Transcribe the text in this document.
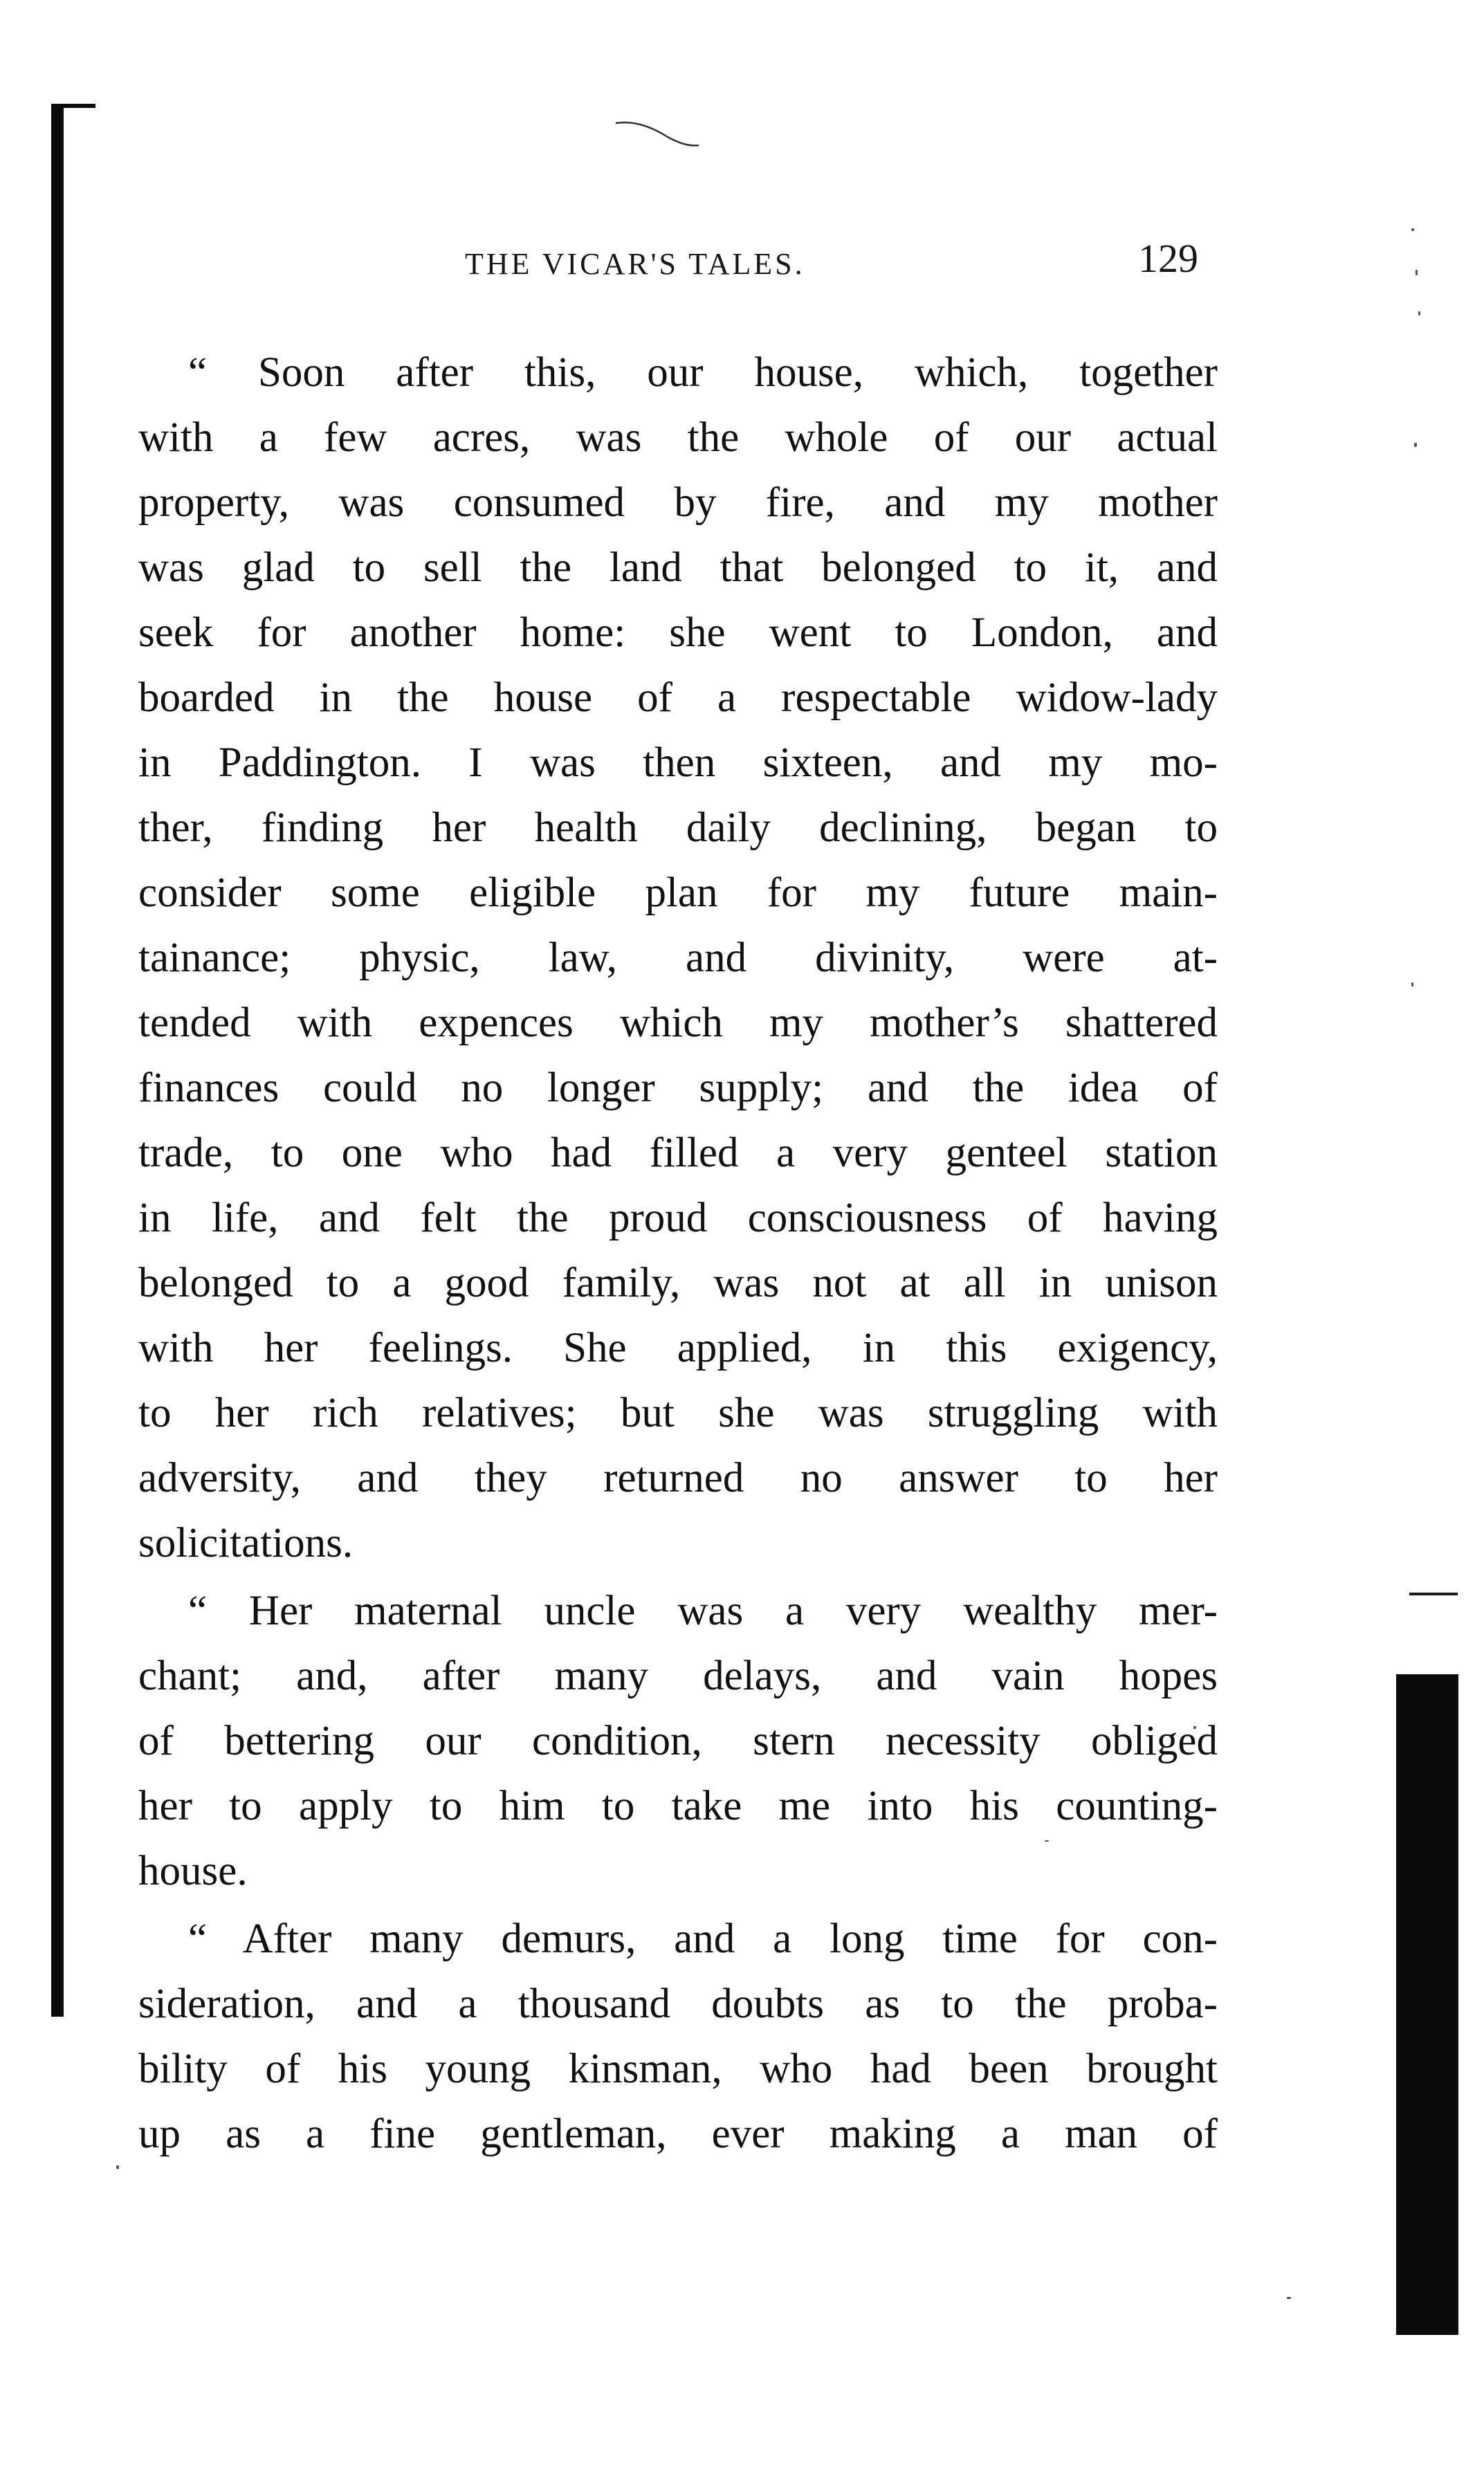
THE VICAR'S TALES.	129
“ Soon after this, our house, which, together
with a few acres, was the whole of our actual
property, was consumed by fire, and my mother
was glad to sell the land that belonged to it, and
seek for another home: she went to London, and
boarded in the house of a respectable widow-lady
in Paddington. I was then sixteen, and my mo-
ther, finding her health daily declining, began to
consider some eligible plan for my future main-
tainance; physic, law, and divinity, were at-
tended with expences which my mother’s shattered
finances could no longer supply; and the idea of
trade, to one who had filled a very genteel station
in life, and felt the proud consciousness of having
belonged to a good family, was not at all in unison
with her feelings. She applied, in this exigency,
to her rich relatives; but she was struggling with
adversity, and they returned no answer to her
solicitations.
“ Her maternal uncle was a very wealthy mer-
chant; and, after many delays, and vain hopes
of bettering our condition, stern necessity obliged
her to apply to him to take me into his counting-
house.
“ After many demurs, and a long time for con-
sideration, and a thousand doubts as to the proba-
bility of his young kinsman, who had been brought
up as a fine gentleman, ever making a man of
